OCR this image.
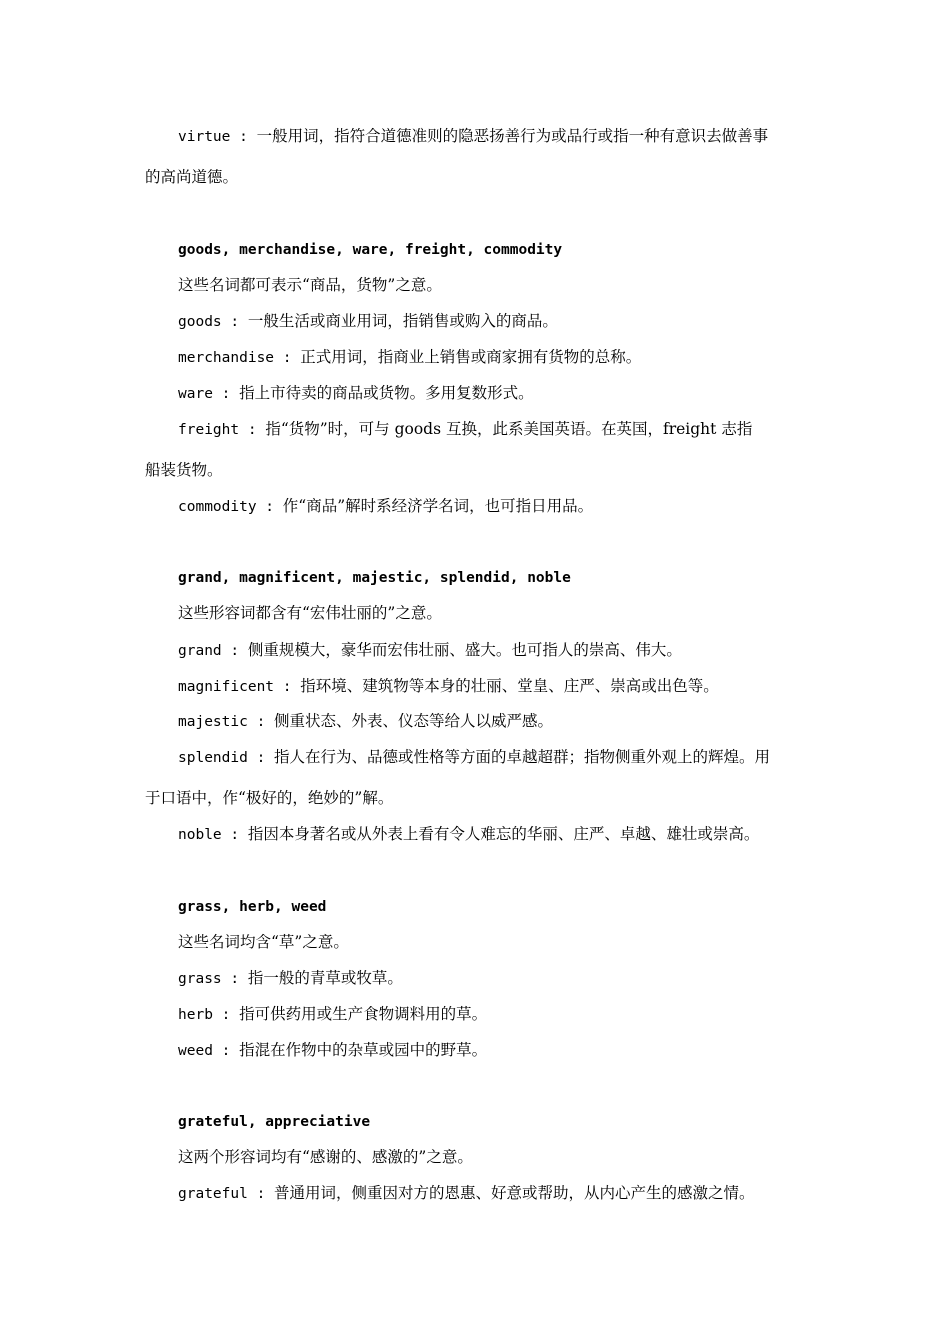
virtue : 一般用词，指符合道德准则的隐恶扬善行为或品行或指一种有意识去做善事

的高尚道德。

goods, merchandise, ware, freight, commodity

这些名词都可表示“商品，货物”之意。

goods : 一般生活或商业用词，指销售或购入的商品。

merchandise : 正式用词，指商业上销售或商家拥有货物的总称。

ware : 指上市待卖的商品或货物。多用复数形式。

freight : 指“货物”时，可与 goods 互换，此系美国英语。在英国，freight 志指

船装货物。

commodity : 作“商品”解时系经济学名词，也可指日用品。

grand, magnificent, majestic, splendid, noble

这些形容词都含有“宏伟壮丽的”之意。

grand : 侧重规模大，豪华而宏伟壮丽、盛大。也可指人的崇高、伟大。

magnificent : 指环境、建筑物等本身的壮丽、堂皇、庄严、崇高或出色等。

majestic : 侧重状态、外表、仪态等给人以威严感。

splendid : 指人在行为、品德或性格等方面的卓越超群；指物侧重外观上的辉煌。用

于口语中，作“极好的，绝妙的”解。

noble : 指因本身著名或从外表上看有令人难忘的华丽、庄严、卓越、雄壮或崇高。

grass, herb, weed

这些名词均含“草”之意。

grass : 指一般的青草或牧草。

herb : 指可供药用或生产食物调料用的草。

weed : 指混在作物中的杂草或园中的野草。

grateful, appreciative

这两个形容词均有“感谢的、感激的”之意。

grateful : 普通用词，侧重因对方的恩惠、好意或帮助，从内心产生的感激之情。
